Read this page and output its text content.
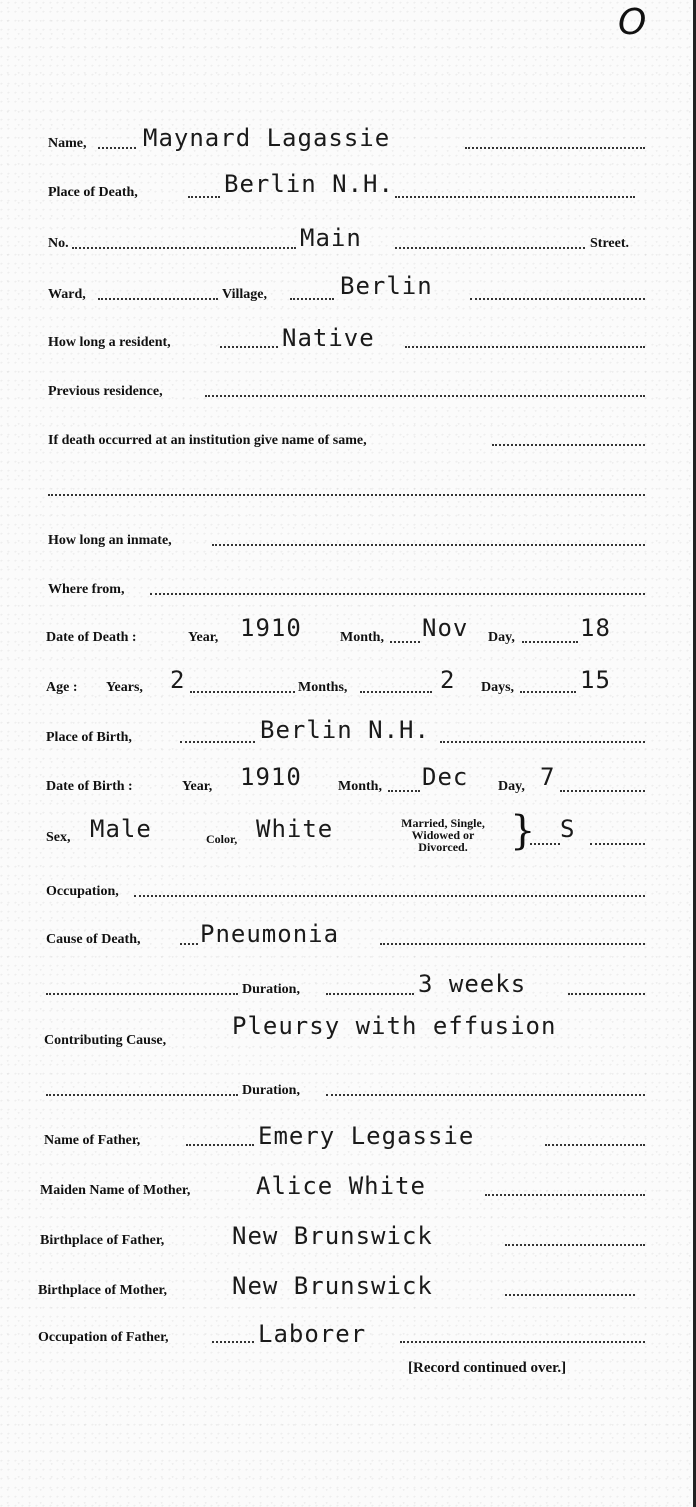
O
Name, Maynard Lagassie
Place of Death,	Berlin N.H.
No.	Main	Street.
Ward,	Village,	Berlin
How long a resident,	Native
Previous residence,
If death occurred at an institution give name of same,
How long an inmate,
Where from,
Date of Death :	Year, 1910	Month, Nov Day,	18
Age : Years, 2	Months,	2 Days,	15
Place of Birth,	Berlin N.H.
Date of Birth :	Year, 1910	Month, Dec Day, 7
Sex, Male	Color, White	Married, Single,
Widowed or
Divorced.	} S
Occupation,
Cause of Death, Pneumonia
Duration,	3 weeks
Contributing Cause,
Pleursy with effusion
Duration,
Name of Father,	Emery Legassie
Maiden Name of Mother,	Alice White
Birthplace of Father,	New Brunswick
Birthplace of Mother,	New Brunswick
Occupation of Father,	Laborer
[Record continued over.]
